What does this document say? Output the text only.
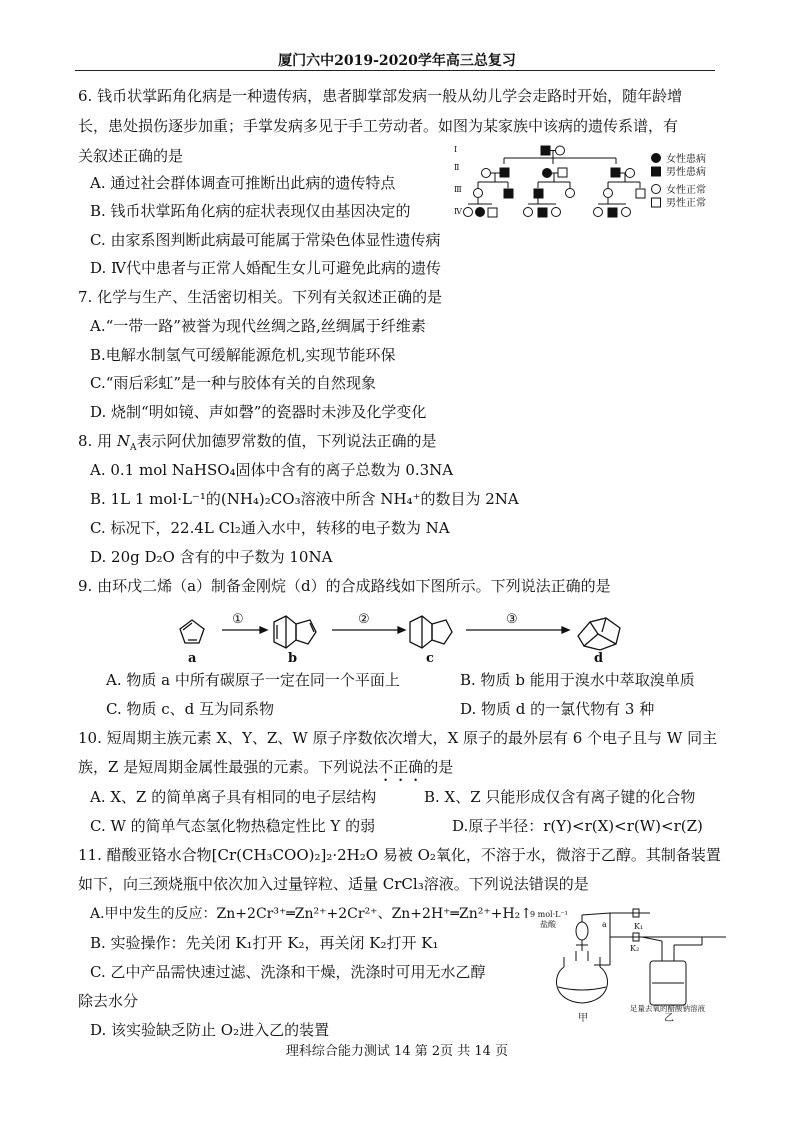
厦门六中2019-2020学年高三总复习
6. 钱币状掌跖角化病是一种遗传病，患者脚掌部发病一般从幼儿学会走路时开始，随年龄增
长，患处损伤逐步加重；手掌发病多见于手工劳动者。如图为某家族中该病的遗传系谱，有
关叙述正确的是
A. 通过社会群体调查可推断出此病的遗传特点
B. 钱币状掌跖角化病的症状表现仅由基因决定的
C. 由家系图判断此病最可能属于常染色体显性遗传病
D. Ⅳ代中患者与正常人婚配生女儿可避免此病的遗传
Ⅰ
Ⅱ
Ⅲ
Ⅳ
女性患病
男性患病
女性正常
男性正常
7. 化学与生产、生活密切相关。下列有关叙述正确的是
A.“一带一路”被誉为现代丝绸之路,丝绸属于纤维素
B.电解水制氢气可缓解能源危机,实现节能环保
C.“雨后彩虹”是一种与胶体有关的自然现象
D. 烧制“明如镜、声如磬”的瓷器时未涉及化学变化
8. 用 $N_A$表示阿伏加德罗常数的值，下列说法正确的是
A. 0.1 mol NaHSO₄固体中含有的离子总数为 0.3NA
B. 1L 1 mol·L⁻¹的(NH₄)₂CO₃溶液中所含 NH₄⁺的数目为 2NA
C. 标况下，22.4L Cl₂通入水中，转移的电子数为 NA
D. 20g D₂O 含有的中子数为 10NA
9. 由环戊二烯（a）制备金刚烷（d）的合成路线如下图所示。下列说法正确的是
①	②	③
a	b	c	d
A. 物质 a 中所有碳原子一定在同一个平面上	B. 物质 b 能用于溴水中萃取溴单质
C. 物质 c、d 互为同系物	D. 物质 d 的一氯代物有 3 种
10. 短周期主族元素 X、Y、Z、W 原子序数依次增大，X 原子的最外层有 6 个电子且与 W 同主
族，Z 是短周期金属性最强的元素。下列说法不正确的是
A. X、Z 的简单离子具有相同的电子层结构	B. X、Z 只能形成仅含有离子键的化合物
C. W 的简单气态氢化物热稳定性比 Y 的弱	D.原子半径：r(Y)<r(X)<r(W)<r(Z)
11. 醋酸亚铬水合物[Cr(CH₃COO)₂]₂·2H₂O 易被 O₂氧化，不溶于水，微溶于乙醇。其制备装置
如下，向三颈烧瓶中依次加入过量锌粒、适量 CrCl₃溶液。下列说法错误的是
A.甲中发生的反应：Zn+2Cr³⁺═Zn²⁺+2Cr²⁺、Zn+2H⁺═Zn²⁺+H₂↑
B. 实验操作：先关闭 K₁打开 K₂，再关闭 K₂打开 K₁
C. 乙中产品需快速过滤、洗涤和干燥，洗涤时可用无水乙醇
除去水分
D. 该实验缺乏防止 O₂进入乙的装置
9 mol·L⁻¹
盐酸	a	K₁
K₂
足量去氧的醋酸钠溶液
甲	乙
理科综合能力测试 14 第 2页 共 14 页
